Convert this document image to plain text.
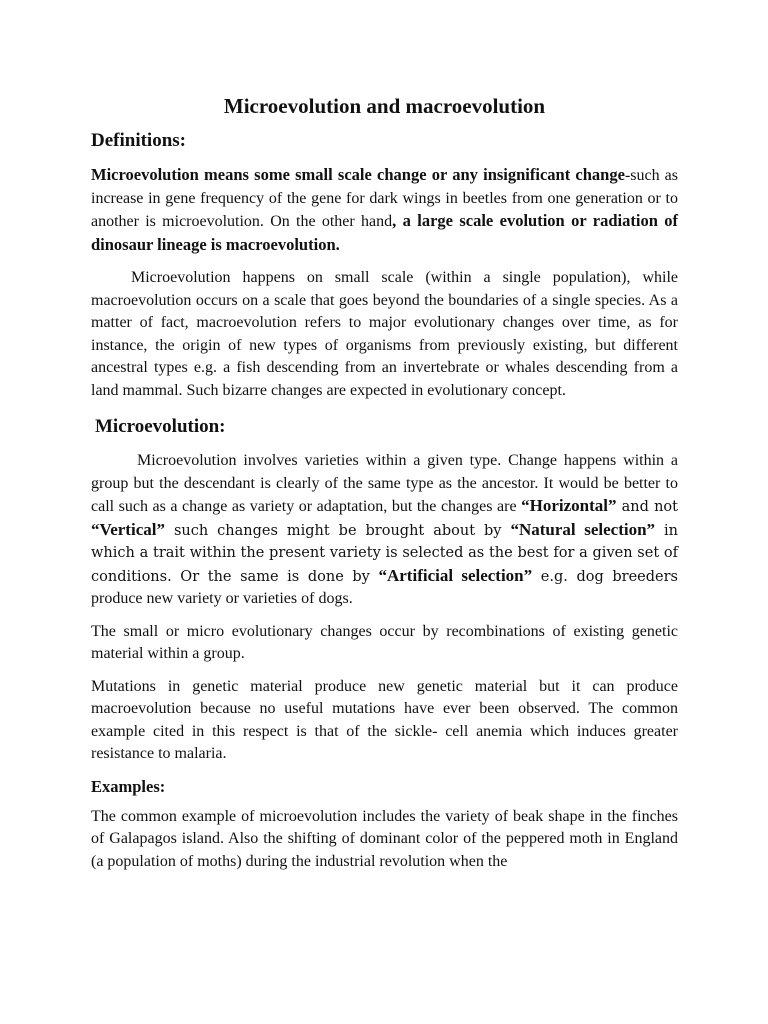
Microevolution and macroevolution
Definitions:

Microevolution means some small scale change or any insignificant change-such as increase in gene frequency of the gene for dark wings in beetles from one generation or to another is microevolution. On the other hand, a large scale evolution or radiation of dinosaur lineage is macroevolution.

Microevolution happens on small scale (within a single population), while macroevolution occurs on a scale that goes beyond the boundaries of a single species. As a matter of fact, macroevolution refers to major evolutionary changes over time, as for instance, the origin of new types of organisms from previously existing, but different ancestral types e.g. a fish descending from an invertebrate or whales descending from a land mammal. Such bizarre changes are expected in evolutionary concept.

Microevolution:

Microevolution involves varieties within a given type. Change happens within a group but the descendant is clearly of the same type as the ancestor. It would be better to call such as a change as variety or adaptation, but the changes are “Horizontal” and not “Vertical” such changes might be brought about by “Natural selection” in which a trait within the present variety is selected as the best for a given set of conditions. Or the same is done by “Artificial selection” e.g. dog breeders produce new variety or varieties of dogs.

The small or micro evolutionary changes occur by recombinations of existing genetic material within a group.

Mutations in genetic material produce new genetic material but it can produce macroevolution because no useful mutations have ever been observed. The common example cited in this respect is that of the sickle- cell anemia which induces greater resistance to malaria.

Examples:

The common example of microevolution includes the variety of beak shape in the finches of Galapagos island. Also the shifting of dominant color of the peppered moth in England (a population of moths) during the industrial revolution when the
